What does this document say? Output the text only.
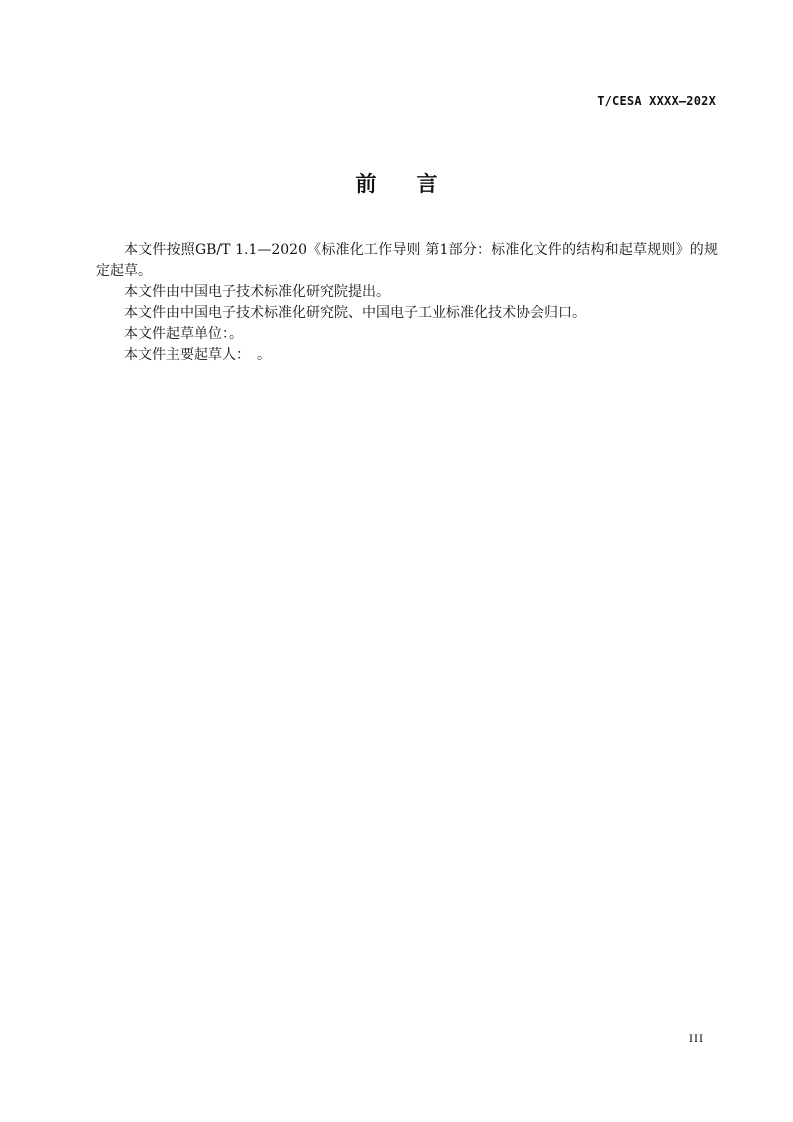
T/CESA XXXX—202X
前言

本文件按照GB/T 1.1—2020《标准化工作导则 第1部分：标准化文件的结构和起草规则》的规定起草。

本文件由中国电子技术标准化研究院提出。

本文件由中国电子技术标准化研究院、中国电子工业标准化技术协会归口。

本文件起草单位：。

本文件主要起草人：　。

III
